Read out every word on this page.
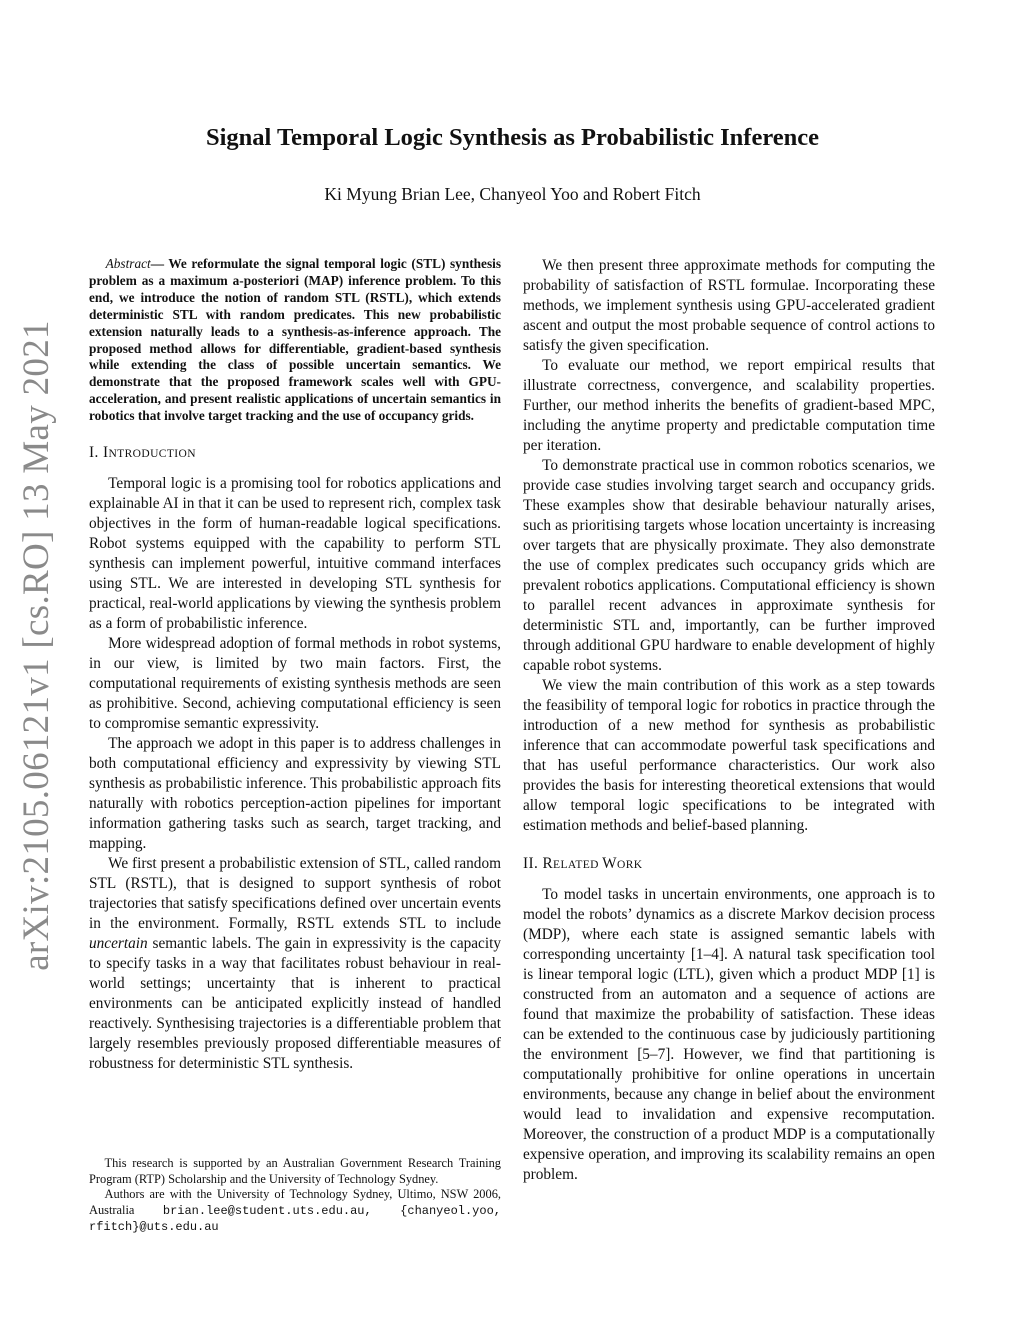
arXiv:2105.06121v1 [cs.RO] 13 May 2021
Signal Temporal Logic Synthesis as Probabilistic Inference

Ki Myung Brian Lee, Chanyeol Yoo and Robert Fitch

Abstract— We reformulate the signal temporal logic (STL) synthesis problem as a maximum a-posteriori (MAP) inference problem. To this end, we introduce the notion of random STL (RSTL), which extends deterministic STL with random predicates. This new probabilistic extension naturally leads to a synthesis-as-inference approach. The proposed method allows for differentiable, gradient-based synthesis while extending the class of possible uncertain semantics. We demonstrate that the proposed framework scales well with GPU-acceleration, and present realistic applications of uncertain semantics in robotics that involve target tracking and the use of occupancy grids.

I. INTRODUCTION

Temporal logic is a promising tool for robotics applications and explainable AI in that it can be used to represent rich, complex task objectives in the form of human-readable logical specifications. Robot systems equipped with the capability to perform STL synthesis can implement powerful, intuitive command interfaces using STL. We are interested in developing STL synthesis for practical, real-world applications by viewing the synthesis problem as a form of probabilistic inference.

More widespread adoption of formal methods in robot systems, in our view, is limited by two main factors. First, the computational requirements of existing synthesis methods are seen as prohibitive. Second, achieving computational efficiency is seen to compromise semantic expressivity.

The approach we adopt in this paper is to address challenges in both computational efficiency and expressivity by viewing STL synthesis as probabilistic inference. This probabilistic approach fits naturally with robotics perception-action pipelines for important information gathering tasks such as search, target tracking, and mapping.

We first present a probabilistic extension of STL, called random STL (RSTL), that is designed to support synthesis of robot trajectories that satisfy specifications defined over uncertain events in the environment. Formally, RSTL extends STL to include uncertain semantic labels. The gain in expressivity is the capacity to specify tasks in a way that facilitates robust behaviour in real-world settings; uncertainty that is inherent to practical environments can be anticipated explicitly instead of handled reactively. Synthesising trajectories is a differentiable problem that largely resembles previously proposed differentiable measures of robustness for deterministic STL synthesis.

This research is supported by an Australian Government Research Training Program (RTP) Scholarship and the University of Technology Sydney.

Authors are with the University of Technology Sydney, Ultimo, NSW 2006, Australia brian.lee@student.uts.edu.au, {chanyeol.yoo, rfitch}@uts.edu.au

We then present three approximate methods for computing the probability of satisfaction of RSTL formulae. Incorporating these methods, we implement synthesis using GPU-accelerated gradient ascent and output the most probable sequence of control actions to satisfy the given specification.

To evaluate our method, we report empirical results that illustrate correctness, convergence, and scalability properties. Further, our method inherits the benefits of gradient-based MPC, including the anytime property and predictable computation time per iteration.

To demonstrate practical use in common robotics scenarios, we provide case studies involving target search and occupancy grids. These examples show that desirable behaviour naturally arises, such as prioritising targets whose location uncertainty is increasing over targets that are physically proximate. They also demonstrate the use of complex predicates such occupancy grids which are prevalent robotics applications. Computational efficiency is shown to parallel recent advances in approximate synthesis for deterministic STL and, importantly, can be further improved through additional GPU hardware to enable development of highly capable robot systems.

We view the main contribution of this work as a step towards the feasibility of temporal logic for robotics in practice through the introduction of a new method for synthesis as probabilistic inference that can accommodate powerful task specifications and that has useful performance characteristics. Our work also provides the basis for interesting theoretical extensions that would allow temporal logic specifications to be integrated with estimation methods and belief-based planning.

II. RELATED WORK

To model tasks in uncertain environments, one approach is to model the robots’ dynamics as a discrete Markov decision process (MDP), where each state is assigned semantic labels with corresponding uncertainty [1–4]. A natural task specification tool is linear temporal logic (LTL), given which a product MDP [1] is constructed from an automaton and a sequence of actions are found that maximize the probability of satisfaction. These ideas can be extended to the continuous case by judiciously partitioning the environment [5–7]. However, we find that partitioning is computationally prohibitive for online operations in uncertain environments, because any change in belief about the environment would lead to invalidation and expensive recomputation. Moreover, the construction of a product MDP is a computationally expensive operation, and improving its scalability remains an open problem.
